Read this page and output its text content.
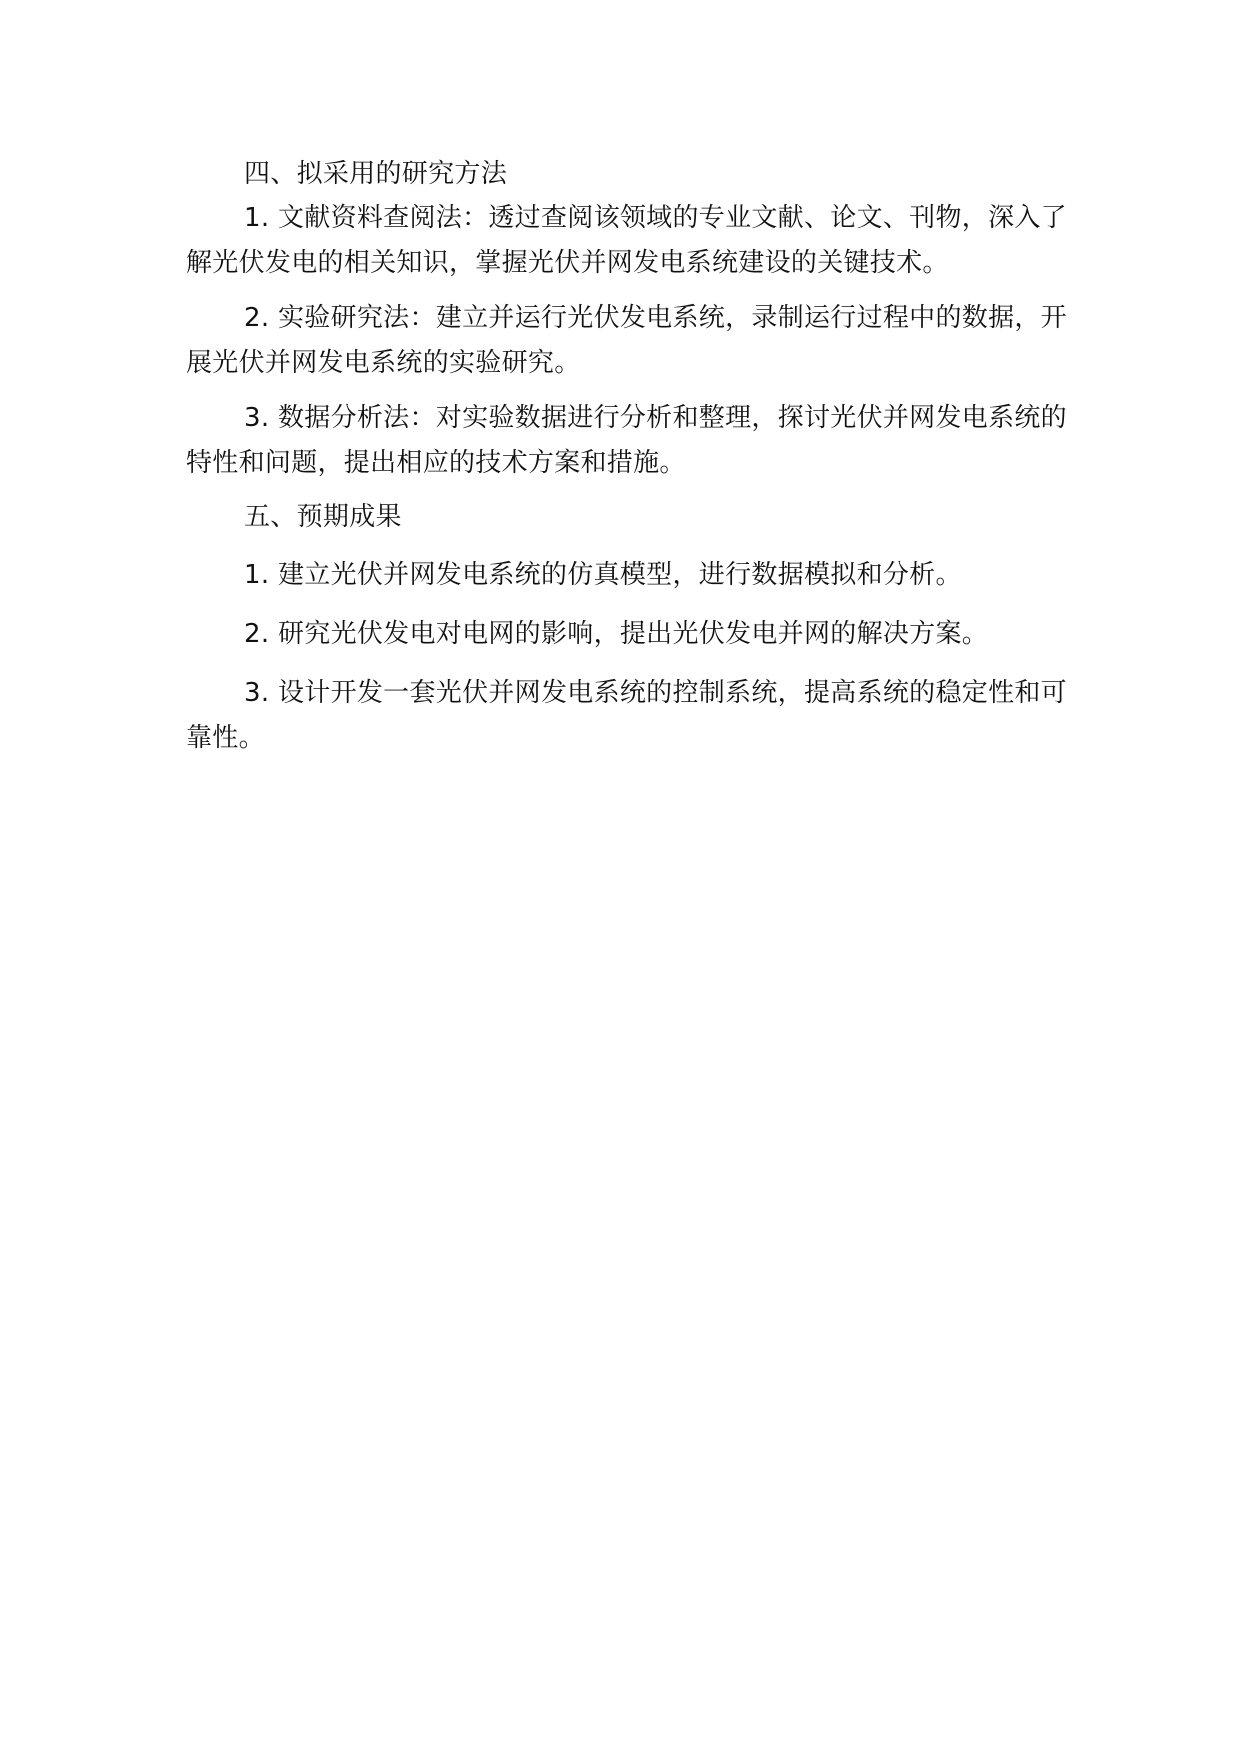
四、拟采用的研究方法

1. 文献资料查阅法：透过查阅该领域的专业文献、论文、刊物，深入了解光伏发电的相关知识，掌握光伏并网发电系统建设的关键技术。

2. 实验研究法：建立并运行光伏发电系统，录制运行过程中的数据，开展光伏并网发电系统的实验研究。

3. 数据分析法：对实验数据进行分析和整理，探讨光伏并网发电系统的特性和问题，提出相应的技术方案和措施。

五、预期成果

1. 建立光伏并网发电系统的仿真模型，进行数据模拟和分析。

2. 研究光伏发电对电网的影响，提出光伏发电并网的解决方案。

3. 设计开发一套光伏并网发电系统的控制系统，提高系统的稳定性和可靠性。
